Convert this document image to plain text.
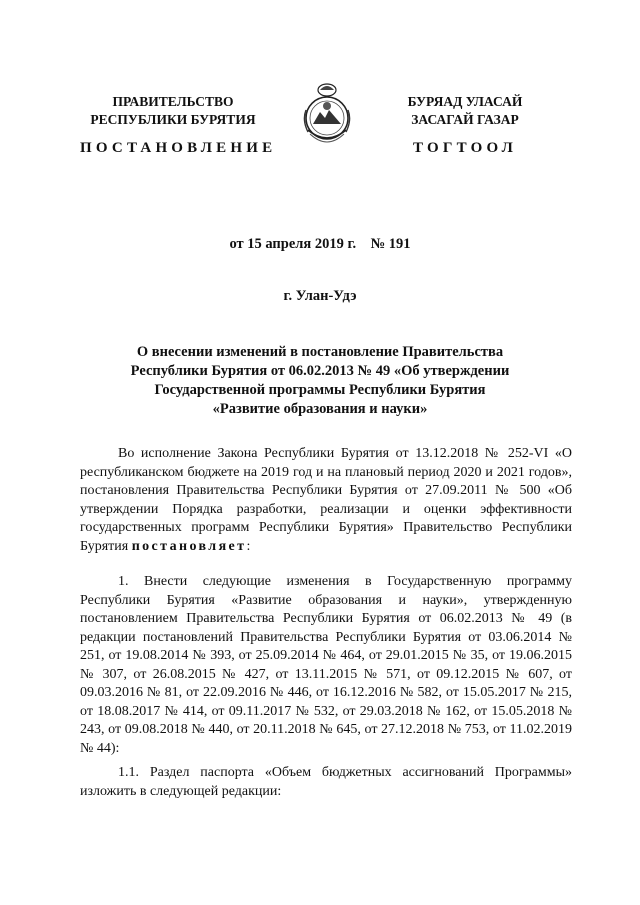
ПРАВИТЕЛЬСТВО
РЕСПУБЛИКИ БУРЯТИЯ
БУРЯАД УЛАСАЙ
ЗАСАГАЙ ГАЗАР
ПОСТАНОВЛЕНИЕ	ТОГТООЛ
от 15 апреля 2019 г.    № 191
г. Улан-Удэ
О внесении изменений в постановление Правительства
Республики Бурятия от 06.02.2013 № 49 «Об утверждении
Государственной программы Республики Бурятия
«Развитие образования и науки»
Во исполнение Закона Республики Бурятия от 13.12.2018 № 252-VI «О республиканском бюджете на 2019 год и на плановый период 2020 и 2021 годов», постановления Правительства Республики Бурятия от 27.09.2011 № 500 «Об утверждении Порядка разработки, реализации и оценки эффективности государственных программ Республики Бурятия» Правительство Республики Бурятия постановляет:
1. Внести следующие изменения в Государственную программу Республики Бурятия «Развитие образования и науки», утвержденную постановлением Правительства Республики Бурятия от 06.02.2013 № 49 (в редакции постановлений Правительства Республики Бурятия от 03.06.2014 № 251, от 19.08.2014 № 393, от 25.09.2014 № 464, от 29.01.2015 № 35, от 19.06.2015 № 307, от 26.08.2015 № 427, от 13.11.2015 № 571, от 09.12.2015 № 607, от 09.03.2016 № 81, от 22.09.2016 № 446, от 16.12.2016 № 582, от 15.05.2017 № 215, от 18.08.2017 № 414, от 09.11.2017 № 532, от 29.03.2018 № 162, от 15.05.2018 № 243, от 09.08.2018 № 440, от 20.11.2018 № 645, от 27.12.2018 № 753, от 11.02.2019 № 44):
1.1. Раздел паспорта «Объем бюджетных ассигнований Программы» изложить в следующей редакции:
